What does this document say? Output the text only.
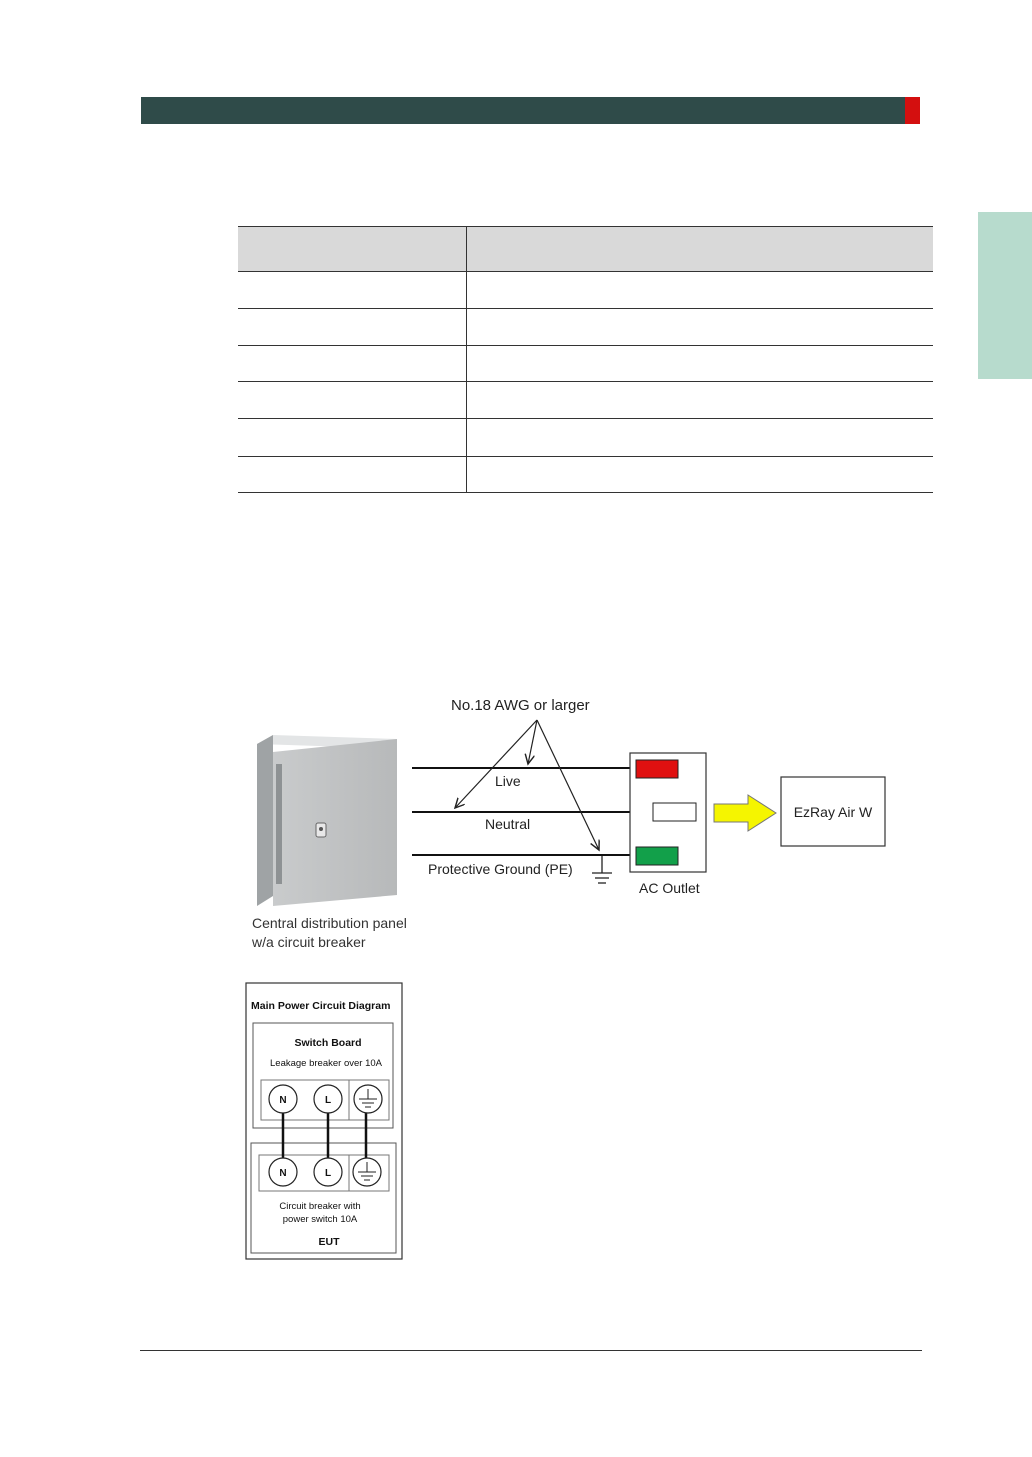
No.18 AWG or larger
Live
Neutral
Protective Ground (PE)
AC Outlet
EzRay Air W
Central distribution panel
w/a circuit breaker
Main Power Circuit Diagram
Switch Board
Leakage breaker over 10A
N	L
N	L
Circuit breaker with
power switch 10A
EUT
